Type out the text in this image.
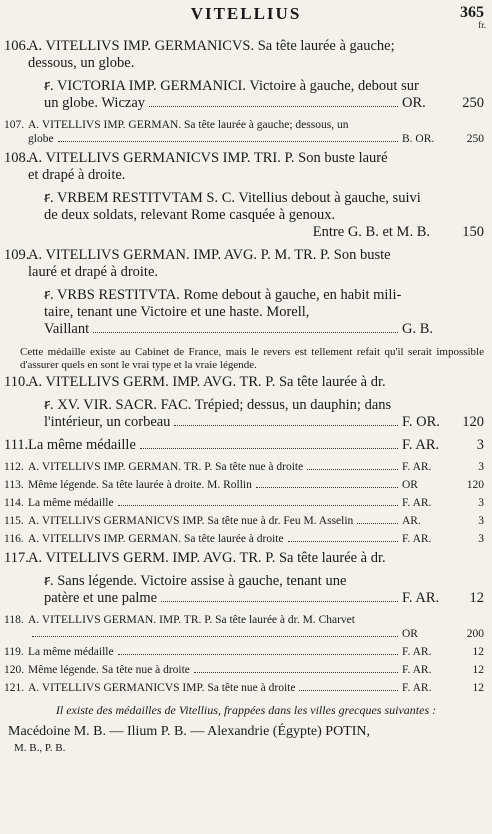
VITELLIUS	365
fr.
106.
A. VITELLIVS IMP. GERMANICVS. Sa tête laurée à gauche;
dessous, un globe.
ꞧ. VICTORIA IMP. GERMANICI. Victoire à gauche, debout sur
un globe. Wiczay	OR.	250
107. A. VITELLIVS IMP. GERMAN. Sa tête laurée à gauche; dessous, un
globe	B. OR.	250
108.
A. VITELLIVS GERMANICVS IMP. TRI. P. Son buste lauré
et drapé à droite.
ꞧ. VRBEM RESTITVTAM S. C. Vitellius debout à gauche, suivi
de deux soldats, relevant Rome casquée à genoux.
Entre G. B. et M. B.	150
109.
A. VITELLIVS GERMAN. IMP. AVG. P. M. TR. P. Son buste
lauré et drapé à droite.
ꞧ. VRBS RESTITVTA. Rome debout à gauche, en habit mili-
taire, tenant une Victoire et une haste. Morell,
Vaillant	G. B.
Cette médaille existe au Cabinet de France, mais le revers est tellement refait qu'il serait impossible d'assurer quels en sont le vrai type et la vraie légende.
110. A. VITELLIVS GERM. IMP. AVG. TR. P. Sa tête laurée à dr.
ꞧ. XV. VIR. SACR. FAC. Trépied; dessus, un dauphin; dans
l'intérieur, un corbeau	F. OR.	120
111. La même médaille	F. AR.	3
112. A. VITELLIVS IMP. GERMAN. TR. P. Sa tête nue à droite	F. AR.	3
113. Même légende. Sa tête laurée à droite. M. Rollin	OR	120
114. La même médaille	F. AR.	3
115. A. VITELLIVS GERMANICVS IMP. Sa tête nue à dr. Feu M. Asselin	AR.	3
116. A. VITELLIVS IMP. GERMAN. Sa tête laurée à droite	F. AR.	3
117. A. VITELLIVS GERM. IMP. AVG. TR. P. Sa tête laurée à dr.
ꞧ. Sans légende. Victoire assise à gauche, tenant une
patère et une palme	F. AR.	12
118. A. VITELLIVS GERMAN. IMP. TR. P. Sa tête laurée à dr. M. Charvet
OR	200
119. La même médaille	F. AR.	12
120. Même légende. Sa tête nue à droite	F. AR.	12
121. A. VITELLIVS GERMANICVS IMP. Sa tête nue à droite	F. AR.	12
Il existe des médailles de Vitellius, frappées dans les villes grecques suivantes :
Macédoine M. B. — Ilium P. B. — Alexandrie (Égypte) POTIN,
M. B., P. B.
